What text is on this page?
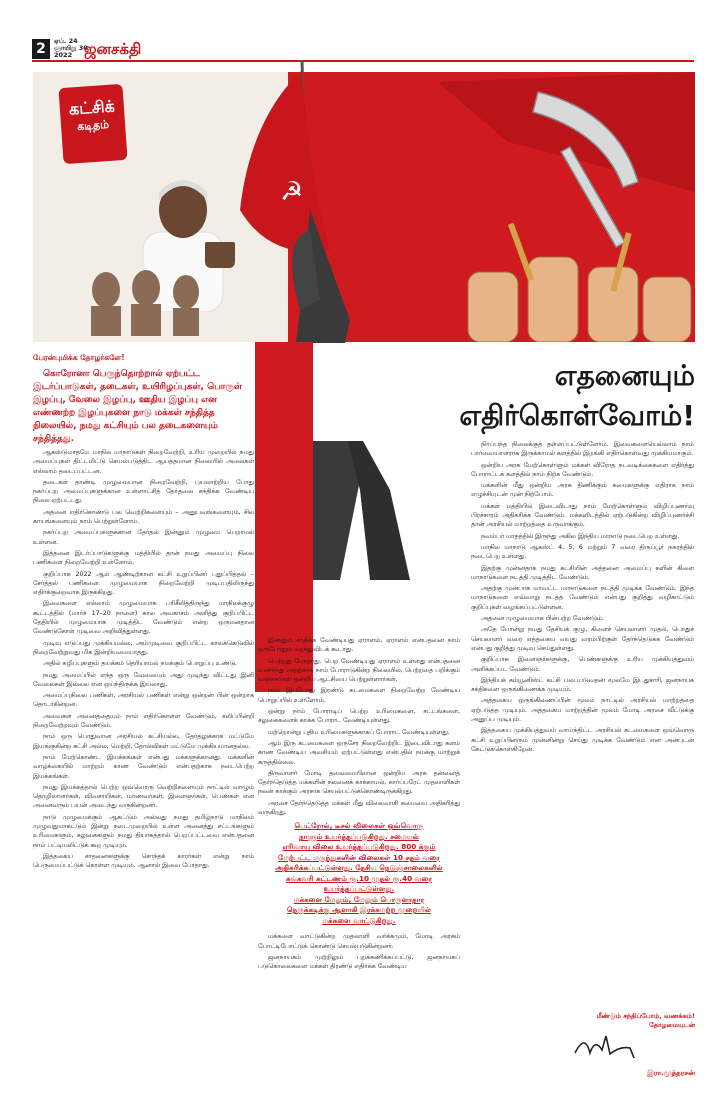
2	ஏப். 24
ஞாயிறு 30
2022 ஜனசக்தி
கட்சிக்
கடிதம்
☭
எதனையும்
எதிர்கொள்வோம்!
பேரன்புமிக்க தோழர்களே!

கொரோனா பெருந்தொற்றால் ஏற்பட்ட இடர்ப்பாடுகள், தடைகள், உயிரிழப்புகள், பொருள் இழப்பு, வேலை இழப்பு, ஊதிய இழப்பு என எண்ணற்ற இழப்புகளை நாடு மக்கள் சந்தித்த நிலையில், நமது கட்சியும் பல தடைகளையும் சந்தித்தது.

ஆகஸ்டுமாதமே மாநில மாநாடுகள் நிறைவேற்றி, உரிய முறையில் நமது அமைப்புகள் திட்டமிட்டு செயல்படுத்திட ஆயத்தமான நிலையில் அலைகள் எல்லாம் தடைப்பட்டன.

தடைகள் தாண்டி முழுமையான நிறைவேற்றி, புயலாற்றிய போது நகர்ப்புற அமைப்புகளுக்கான உள்ளாட்சித் தேர்தலை சந்திக்க வேண்டிய நிலை ஏற்பட்டது.

அதனை எதிர்கொண்டு பல வெற்றிகளையும் – அனுபவங்களையும், சில காயங்களையும் நாம் பெற்றுள்ளோம்.

நகர்ப்புற அமைப்புகளுக்கான தேர்தல் இன்னும் முழுமை பெறாமல் உள்ளன.

இத்தனை இடர்ப்பாடுகளுக்கு மத்தியில் தான் நமது அமைப்பு நிலை பணிகளை நிறைவேற்றி உள்ளோம்.

குறிப்பாக 2022 ஆம் ஆண்டிற்கான கட்சி உறுப்பினர் புதுப்பித்தல் – சேர்த்தல் பணிகளை முழுமையாக நிறைவேற்றி முடிப்பதிலிருந்து எதிர்க்குறைவாக இருக்கிறது.

இவைகளை எல்லாம் முழுமையாக பரிசீலித்திருந்து மாநிலக்குழு கூட்டத்தில் (மார்ச் 17–20 நாளை) கால அவகாசம் அளித்து குறிப்பிட்ட தேதியில் முழுமையாக முடித்திட வேண்டும் என்ற ஒருமனதான வேண்டுகோள் முடிவை அறிவித்துள்ளது.

முடிவு எடுப்பது முக்கியமல்ல, அம்முடிவை குறிப்பிட்ட காலக்கெடுவில் நிறைவேற்றுவது மிக இன்றியமையாதது.

அதில் கழிப்புகளும் தயக்கம் தெரியாமல் நமக்கும் பொறுப்பு உண்டு.

நமது அமைப்பில் எந்த ஒரு வேலையும் அது முடிந்து விட்டது இனி வேலைகள் இல்லை என ஒய்ந்திருக்க இயலாது.

அமைப்புநிலை பணிகள், அரசியல் பணிகள் என்று ஒன்றன் பின் ஒன்றாக தொடர்கின்றன.

அவைகள் அனைத்தையும் நாம் எதிர்கொள்ள வேண்டும், சலிப்பின்றி நிறைவேற்றவும் வேண்டும்.

நாம் ஒரு பொதுவான அரசியல் கட்சியல்ல, தேர்தலுக்காக மட்டுமே இயங்குகின்ற கட்சி அல்ல, மெற்றி, தோல்விகள் மட்டுமே முக்கியமானதல்ல.

நாம் மேற்கொண்ட இயக்கங்கள் என்பது மக்களுக்கானது. மக்களின் வாழ்க்கையில் மாற்றம் காண வேண்டும் என்பதற்காக நடைபெற்ற இயக்கங்கள்.

நமது இயக்கத்தால் பெற்ற ஒவ்வொரு வெற்றிகளையும் நாட்டில் வாழும் தொழிலாளர்கள், விவசாயிகள், மாணவர்கள், இளைஞர்கள், பெண்கள் என அனைவரும் பயன் அடைந்து வருகின்றனர்.

நாடு முழுமைக்கும் ஆகட்டும் அல்லது நமது தமிழ்நாடு மாநிலம் முழுவதுமாகட்டும் இன்று நடைமுறையில் உள்ள அனைத்து சட்டங்களும் உரிமைகளும், சலுகைகளும் நமது தியாகத்தால் பெறப்பட்டவை என்பதனை நாம் பட்டியலிட்டுக் கூற முடியும்.

இத்தகைய சாதனைகளுக்கு சொந்தக் காரர்கள் என்று நாம் பெருமைப்பட்டுக் கொள்ள முடியும். ஆனால் இவை போதாது.

இன்னும் சாதிக்க வேண்டியது ஏராளம், ஏராளம் என்பதனை நாம் ஒருபோதும் மறந்துவிடக் கூடாது.

பெற்றது போதாது. பெற வேண்டியது ஏராளம் உள்ளது என்பதனை உணர்ந்து அதற்காக நாம் போராடுகின்ற நிலையில், பெற்றதை பறிக்கும் வஞ்சகர்கள் ஒன்றிய ஆட்சியை பெற்றுள்ளார்கள்.

நாம் இப்போது இரண்டு கடமைகளை நிறைவேற்ற வேண்டிய பொறுப்பில் உள்ளோம்.

ஒன்று நாம் போராடிப் பெற்ற உரிமைகளை, சட்டங்களை, சலுகைகளைக் காக்க போராட வேண்டியுள்ளது.

மற்றொன்று புதிய உரிமைகளுக்காகப் போராட வேண்டியுள்ளது.

ஆம் இரு கடமைகளை ஒருசேர நிறைவேற்றிட இடைவிடாது களம் காண வேண்டிய அவசியம் ஏற்பட்டுள்ளது என்பதில் நமக்கு மாற்றுக் கருத்தில்லை.

திருவாளர் மோடி தலைமையிலான ஒன்றிய அரசு தன்னைத் தேர்ந்தெடுத்த மக்களின் நலனைக் காக்காமல், கார்ப்பரேட் முதலாளிகள் நலன் காக்கும் அரசாக செயல்பட்டுக்கொண்டிருக்கிறது.

அரசை தேர்ந்தெடுத்த மக்கள் மீது விலைவாசி சுமையை அதிகரித்து வருகிறது.

பெட்ரோல், டீசல் விலைகள் ஒவ்வொரு
நாளும் உயர்த்தப்படுகிறது. சமையல்
எரிவாயு விலை உயர்த்தப்படுகிறது. 800 க்கும்
மேற்பட்ட மருந்துகளின் விலைகள் 10 சதம் வரை
அதிகரிக்கப்பட்டுள்ளது. தேசிய நெடுஞ்சாலைகளில்
சுங்கவரி கட்டணம் ரூ.10 முதல் ரூ.40 வரை
உயர்த்தப்பட்டுள்ளது.
மக்களை மேலும், மேலும் பொருளாதார
நெருக்கடிக்கு ஆளாகி இரக்கமற்ற முறையில்
மக்களை வாட்டுகிறது.

மக்களை வாட்டுகின்ற முதலாளி வர்க்கமும், மோடி அரசும் போட்டிபோட்டுக் கொண்டு செயல்படுகின்றனர்.

ஜனநாயகம் முற்றிலும் புறக்கணிக்கப்பட்டு, ஜனநாயகப் படுகொலைகளை மக்கள் திரண்டு எதிர்க்க வேண்டிய

நிர்ப்பந்த நிலைக்குத் தள்ளப்பட்டுள்ளோம். இவைகளையெல்லாம் நாம் பார்வையாளராக இருக்காமல் களத்தில் இறங்கி எதிர்கொள்வது முக்கியமாகும்.

ஒன்றிய அரசு மேற்கொள்ளும் மக்கள் விரோத நடவடிக்கைகளை எதிர்த்து போராட்டக் களத்தில் நாம் நிற்க வேண்டும்.

மக்களின் மீது ஒன்றிய அரசு திணிக்கும் சுமைகளுக்கு எதிராக நாம் எழுச்சியுடன் முன் நிற்போம்.

மக்கள் மத்தியில் இடைவிடாது நாம் மேற்கொள்ளும் விழிப்புணர்வு பிரச்சாரம் அதிகரிக்க வேண்டும். மக்களிடத்தில் ஏற்படுகின்ற விழிப்புணர்ச்சி தான் அரசியல் மாற்றத்தை உருவாக்கும்.

நவம்பர் மாதத்தில் இருந்து அகில இந்திய மாநாடு நடைபெற உள்ளது.

மாநில மாநாடு ஆகஸ்ட் 4, 5, 6 மற்றும் 7 வரை திருப்பூர் நகரத்தில் நடைபெற உள்ளது.

இதற்கு முன்னதாக நமது கட்சியின் அத்தனை அமைப்பு களின் கிளை மாநாடுகளை நடத்தி முடித்திட வேண்டும்.

அதற்கு முன்பாக மாவட்ட மாநாடுகளை நடத்தி முடிக்க வேண்டும். இந்த மாநாடுகளை எவ்வாறு நடத்த வேண்டும் என்பது குறித்து வழிகாட்டும் குறிப்புகள் வழங்கப்பட்டுள்ளன.

அதனை முழுமையாக பின்பற்ற வேண்டும்.

அதே போன்று நமது தேசியக் குழு, கிளைச் செயலாளர் முதல், பொதுச் செயலாளர் வரை எத்தகைய வயது வரம்பிற்குள் தேர்ந்தெடுக்க வேண்டும் என்பது குறித்து முடிவு செய்துள்ளது.

குறிப்பாக இளைஞர்களுக்கு, பெண்களுக்கு உரிய முக்கியத்துவம் அளிக்கப்பட வேண்டும்.

இந்தியக் கம்யூனிஸ்ட் கட்சி பலப்படுவதன் மூலமே இடதுசாரி, ஜனநாயக சக்திகளை ஒருங்கிணைக்க முடியும்.

அத்தகைய ஒருங்கிணைப்பின் மூலம் நாட்டில் அரசியல் மாற்றத்தை ஏற்படுத்த முடியும். அத்தகைய மாற்றத்தின் மூலம் மோடி அரசை வீட்டுக்கு அனுப்ப முடியும்.

இத்தகைய முக்கியத்துவம் வாய்ந்திட்ட அரசியல் கடமைகளை ஒவ்வொரு கட்சி உறுப்பினரும் முன்னின்று செய்து முடிக்க வேண்டும் என அன்புடன் கேட்டுக்கொள்கிறேன்.

மீண்டும் சந்திப்போம், வணக்கம்!
தோழமையுடன்
இரா.முத்தரசன்
